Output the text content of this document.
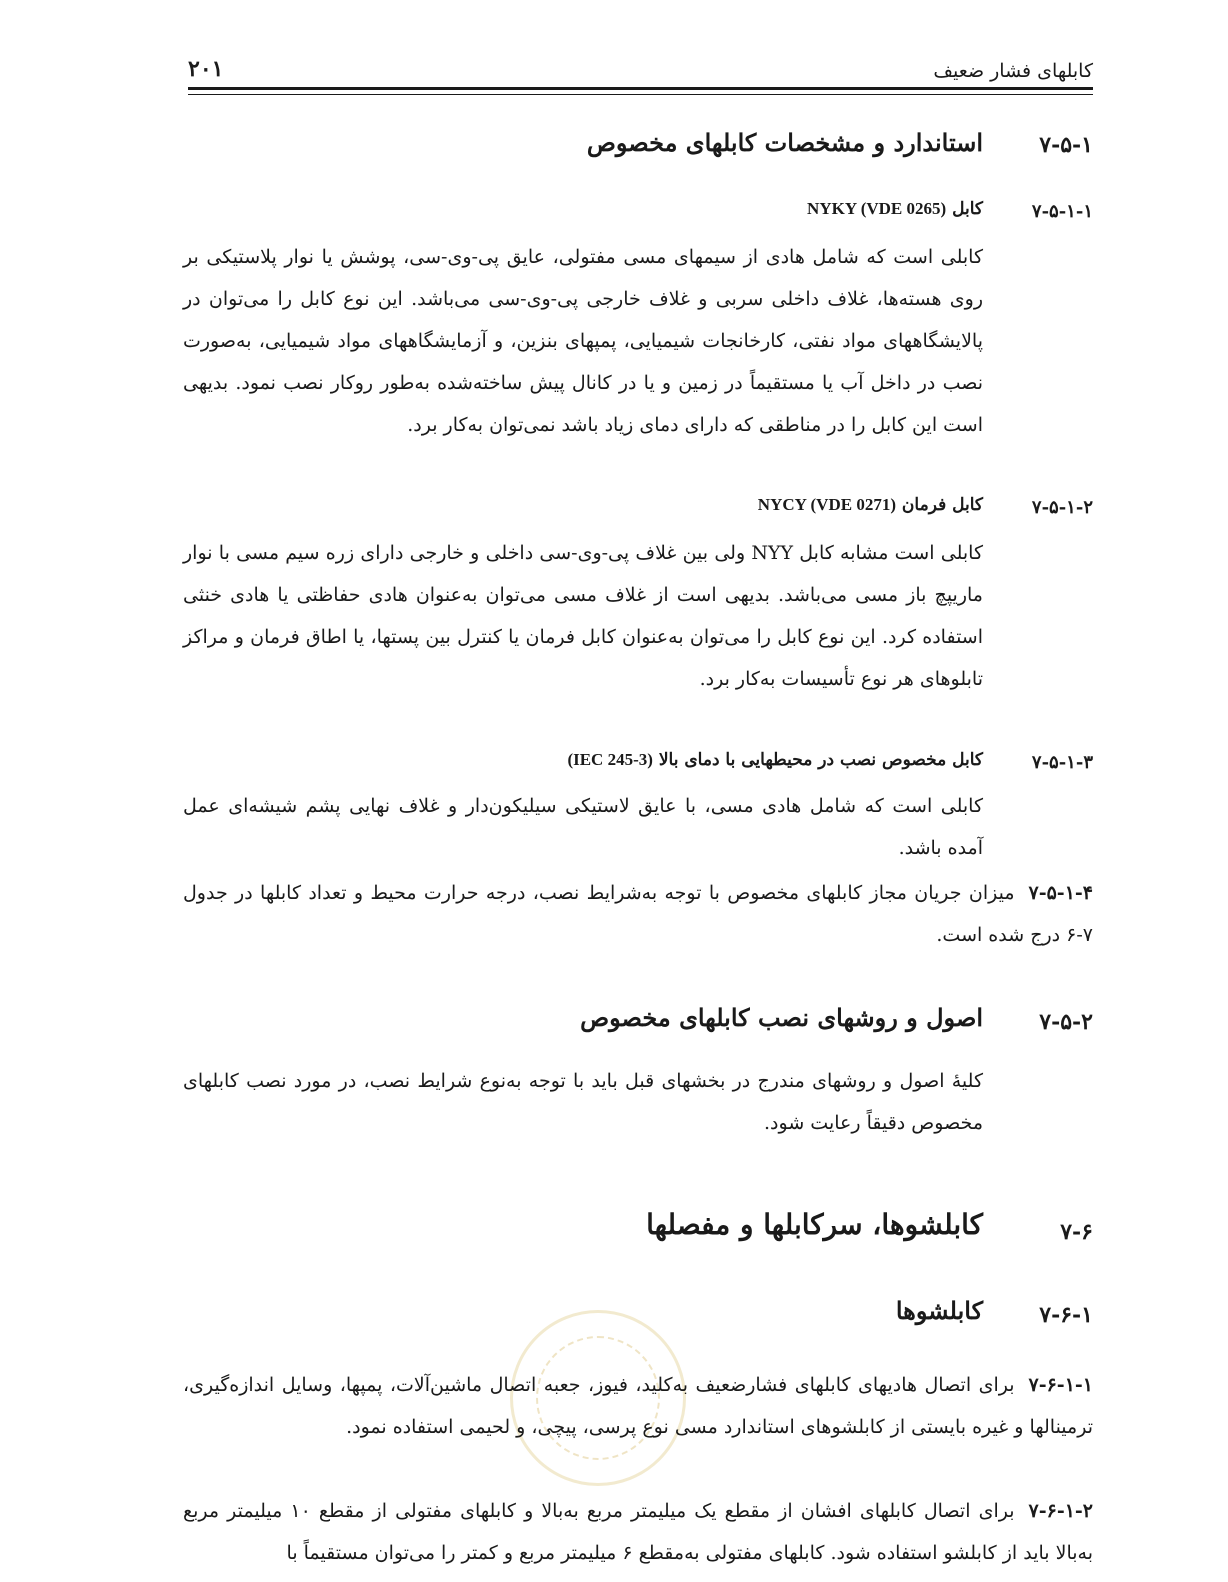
کابلهای فشار ضعیف
۲۰۱
۷-۵-۱
استاندارد و مشخصات کابلهای مخصوص
۷-۵-۱-۱
کابل NYKY (VDE 0265)
کابلی است که شامل هادی از سیمهای مسی مفتولی، عایق پی-وی-سی، پوشش یا نوار پلاستیکی بر روی هسته‌ها، غلاف داخلی سربی و غلاف خارجی پی-وی-سی می‌باشد. این نوع کابل را می‌توان در پالایشگاههای مواد نفتی، کارخانجات شیمیایی، پمپهای بنزین، و آزمایشگاههای مواد شیمیایی، به‌صورت نصب در داخل آب یا مستقیماً در زمین و یا در کانال پیش ساخته‌شده به‌طور روکار نصب نمود. بدیهی است این کابل را در مناطقی که دارای دمای زیاد باشد نمی‌توان به‌کار برد.
۷-۵-۱-۲
کابل فرمان NYCY (VDE 0271)
کابلی است مشابه کابل NYY ولی بین غلاف پی-وی-سی داخلی و خارجی دارای زره سیم مسی با نوار ماریپچ باز مسی می‌باشد. بدیهی است از غلاف مسی می‌توان به‌عنوان هادی حفاظتی یا هادی خنثی استفاده کرد. این نوع کابل را می‌توان به‌عنوان کابل فرمان یا کنترل بین پستها، یا اطاق فرمان و مراکز تابلوهای هر نوع تأسیسات به‌کار برد.
۷-۵-۱-۳
کابل مخصوص نصب در محیطهایی با دمای بالا (IEC 245-3)
کابلی است که شامل هادی مسی، با عایق لاستیکی سیلیکون‌دار و غلاف نهایی پشم شیشه‌ای عمل آمده باشد.
۷-۵-۱-۴میزان جریان مجاز کابلهای مخصوص با توجه به‌شرایط نصب، درجه حرارت محیط و تعداد کابلها در جدول ۷-۶ درج شده است.
۷-۵-۲
اصول و روشهای نصب کابلهای مخصوص
کلیهٔ اصول و روشهای مندرج در بخشهای قبل باید با توجه به‌نوع شرایط نصب، در مورد نصب کابلهای مخصوص دقیقاً رعایت شود.
۷-۶
کابلشوها، سرکابلها و مفصلها
۷-۶-۱
کابلشوها
۷-۶-۱-۱برای اتصال هادیهای کابلهای فشارضعیف به‌کلید، فیوز، جعبه اتصال ماشین‌آلات، پمپها، وسایل اندازه‌گیری، ترمینالها و غیره بایستی از کابلشوهای استاندارد مسی نوع پرسی، پیچی، و لحیمی استفاده نمود.
۷-۶-۱-۲برای اتصال کابلهای افشان از مقطع یک میلیمتر مربع به‌بالا و کابلهای مفتولی از مقطع ۱۰ میلیمتر مربع به‌بالا باید از کابلشو استفاده شود. کابلهای مفتولی به‌مقطع ۶ میلیمتر مربع و کمتر را می‌توان مستقیماً با
